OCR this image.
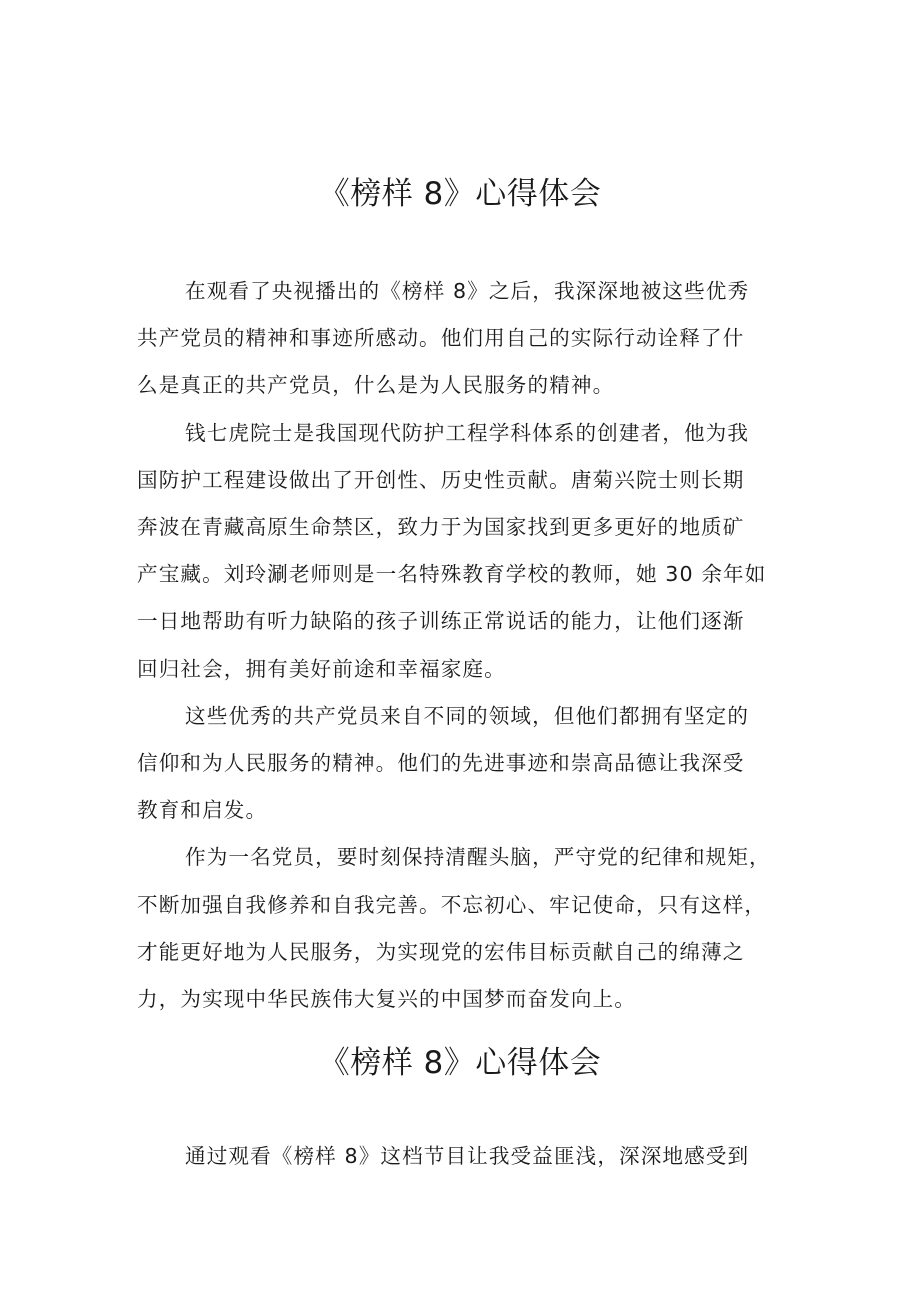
《榜样 8》心得体会
在观看了央视播出的《榜样 8》之后，我深深地被这些优秀
共产党员的精神和事迹所感动。他们用自己的实际行动诠释了什
么是真正的共产党员，什么是为人民服务的精神。
钱七虎院士是我国现代防护工程学科体系的创建者，他为我
国防护工程建设做出了开创性、历史性贡献。唐菊兴院士则长期
奔波在青藏高原生命禁区，致力于为国家找到更多更好的地质矿
产宝藏。刘玲涮老师则是一名特殊教育学校的教师，她 30 余年如
一日地帮助有听力缺陷的孩子训练正常说话的能力，让他们逐渐
回归社会，拥有美好前途和幸福家庭。
这些优秀的共产党员来自不同的领域，但他们都拥有坚定的
信仰和为人民服务的精神。他们的先进事迹和崇高品德让我深受
教育和启发。
作为一名党员，要时刻保持清醒头脑，严守党的纪律和规矩，
不断加强自我修养和自我完善。不忘初心、牢记使命，只有这样，
才能更好地为人民服务，为实现党的宏伟目标贡献自己的绵薄之
力，为实现中华民族伟大复兴的中国梦而奋发向上。
《榜样 8》心得体会
通过观看《榜样 8》这档节目让我受益匪浅，深深地感受到
